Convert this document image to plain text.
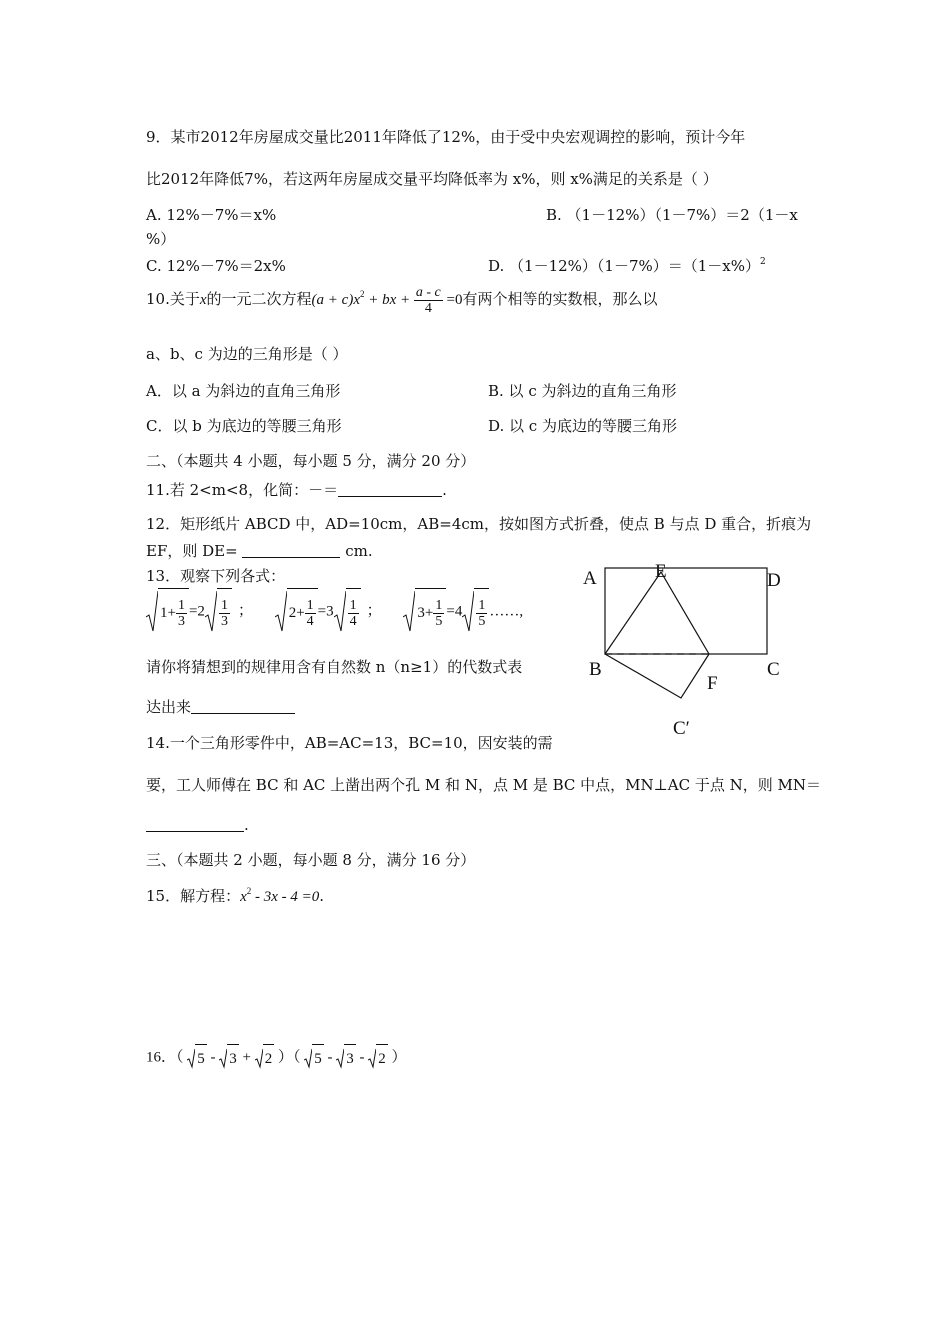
9．某市2012年房屋成交量比2011年降低了12%，由于受中央宏观调控的影响，预计今年
比2012年降低7%，若这两年房屋成交量平均降低率为 x%，则 x%满足的关系是（ ）
A. 12%－7%＝x%	B. （1－12%）（1－7%）＝2（1－x
%）
C. 12%－7%＝2x%	D. $(1-12\%)(1-7\%)=(1-x\%)^2$
10.关于x的一元二次方程$(a + c)x^2$ + bx + $\frac{a - c}{4} =0$有两个相等的实数根，那么以
a、b、c 为边的三角形是（ ）
A．以 a 为斜边的直角三角形	B. 以 c 为斜边的直角三角形
C．以 b 为底边的等腰三角形	D. 以 c 为底边的等腰三角形
二、（本题共 4 小题，每小题 5 分，满分 20 分）
11.若 2<m<8，化简：－＝	.
12．矩形纸片 ABCD 中，AD=10cm，AB=4cm，按如图方式折叠，使点 B 与点 D 重合，折痕为
EF，则 DE=	cm.
13．观察下列各式：
$1+ \frac{1}{3} =2 \frac{1}{3}$ ； $2+ \frac{1}{4} =3 \frac{1}{4}$ ； $3+ \frac{1}{5} =4 \frac{1}{5}$ ……,
请你将猜想到的规律用含有自然数 n（n≥1）的代数式表
达出来
14.一个三角形零件中，AB=AC=13，BC=10，因安装的需
要，工人师傅在 BC 和 AC 上凿出两个孔 M 和 N，点 M 是 BC 中点，MN⊥AC 于点 N，则 MN＝
.
三、（本题共 2 小题，每小题 8 分，满分 16 分）
15．解方程：$x^2 - 3x - 4 =0$.
16．（ 5 - 3 + 2 ）（ 5 - 3 - 2 ）
A	E	D
B	C
F
C′
